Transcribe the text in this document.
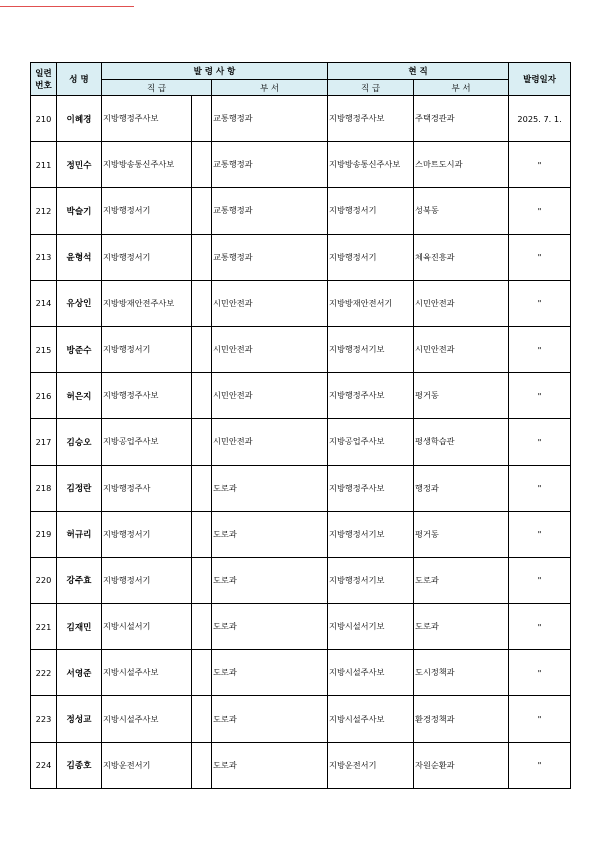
일련
번호	성 명	발 령 사 항			현 직		발령일자
		직 급		부 서	직 급	부 서	
210	이혜경	지방행정주사보		교통행정과	지방행정주사보	주택경관과	2025. 7. 1.
211	정민수	지방방송통신주사보		교통행정과	지방방송통신주사보	스마트도시과	"
212	박슬기	지방행정서기		교통행정과	지방행정서기	성북동	"
213	윤형석	지방행정서기		교통행정과	지방행정서기	체육진흥과	"
214	유상인	지방방재안전주사보		시민안전과	지방방재안전서기	시민안전과	"
215	방준수	지방행정서기		시민안전과	지방행정서기보	시민안전과	"
216	허은지	지방행정주사보		시민안전과	지방행정주사보	평거동	"
217	김승오	지방공업주사보		시민안전과	지방공업주사보	평생학습관	"
218	김정란	지방행정주사		도로과	지방행정주사보	행정과	"
219	허규리	지방행정서기		도로과	지방행정서기보	평거동	"
220	강주효	지방행정서기		도로과	지방행정서기보	도로과	"
221	김재민	지방시설서기		도로과	지방시설서기보	도로과	"
222	서영준	지방시설주사보		도로과	지방시설주사보	도시정책과	"
223	정성교	지방시설주사보		도로과	지방시설주사보	환경정책과	"
224	김종호	지방운전서기		도로과	지방운전서기	자원순환과	"
